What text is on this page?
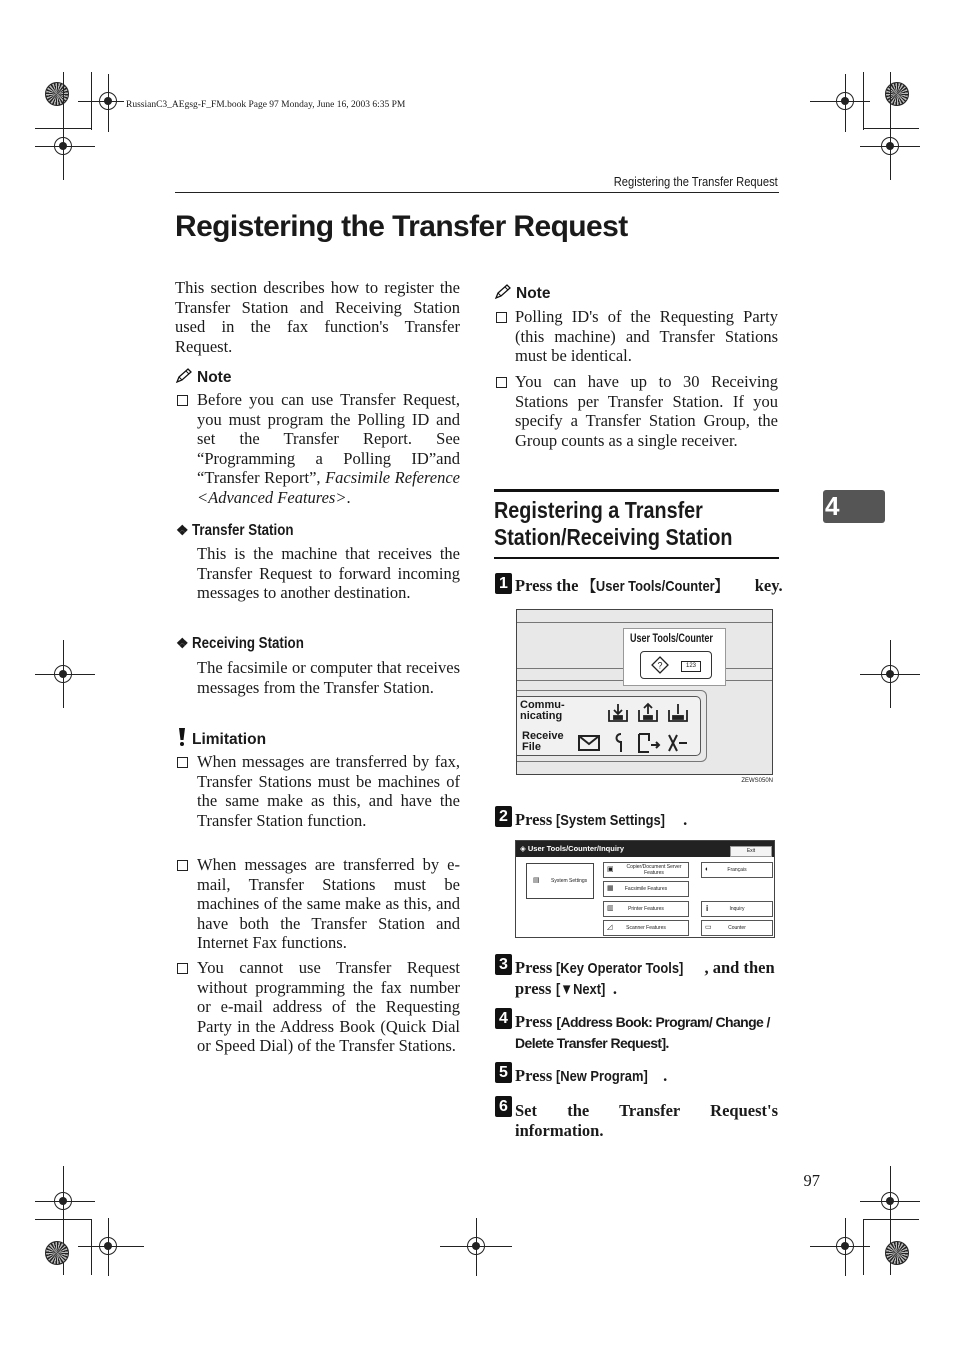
RussianC3_AEgsg-F_FM.book Page 97 Monday, June 16, 2003 6:35 PM
Registering the Transfer Request
Registering the Transfer Request
This section describes how to register the Transfer Station and Receiving Station used in the fax function's Transfer Request.
Note
Before you can use Transfer Request, you must program the Polling ID and set the Transfer Report. See “Programming a Polling ID”and “Transfer Report”, Facsimile Reference <Advanced Features>.
❖ Transfer Station
This is the machine that receives the Transfer Request to forward incoming messages to another destination.
❖ Receiving Station
The facsimile or computer that receives messages from the Transfer Station.
Limitation
When messages are transferred by fax, Transfer Stations must be machines of the same make as this, and have the Transfer Station function.
When messages are transferred by e-mail, Transfer Stations must be machines of the same make as this, and have both the Transfer Station and Internet Fax functions.
You cannot use Transfer Request without programming the fax number or e-mail address of the Requesting Party in the Address Book (Quick Dial or Speed Dial) of the Transfer Stations.
Note
Polling ID's of the Requesting Party (this machine) and Transfer Stations must be identical.
You can have up to 30 Receiving Stations per Transfer Station. If you specify a Transfer Station Group, the Group counts as a single receiver.
Registering a Transfer
Station/Receiving Station
4
1 Press the 【User Tools/Counter】 key.
User Tools/Counter
?	123
Commu-
nicating
Receive
File
ZEWS050N
2 Press [System Settings] .
◈ User Tools/Counter/Inquiry	Exit
▤ System Settings
▣	Copier/Document Server Features
▦ Facsimile Features
▥	Printer Features
◿	Scanner Features
◐	Français
i	Inquiry
▭	Counter
3 Press [Key Operator Tools] , and then press [▼Next] .
4 Press [Address Book: Program/ Change / Delete Transfer Request].
5 Press [New Program] .
6 Set the Transfer Request's information.
97
